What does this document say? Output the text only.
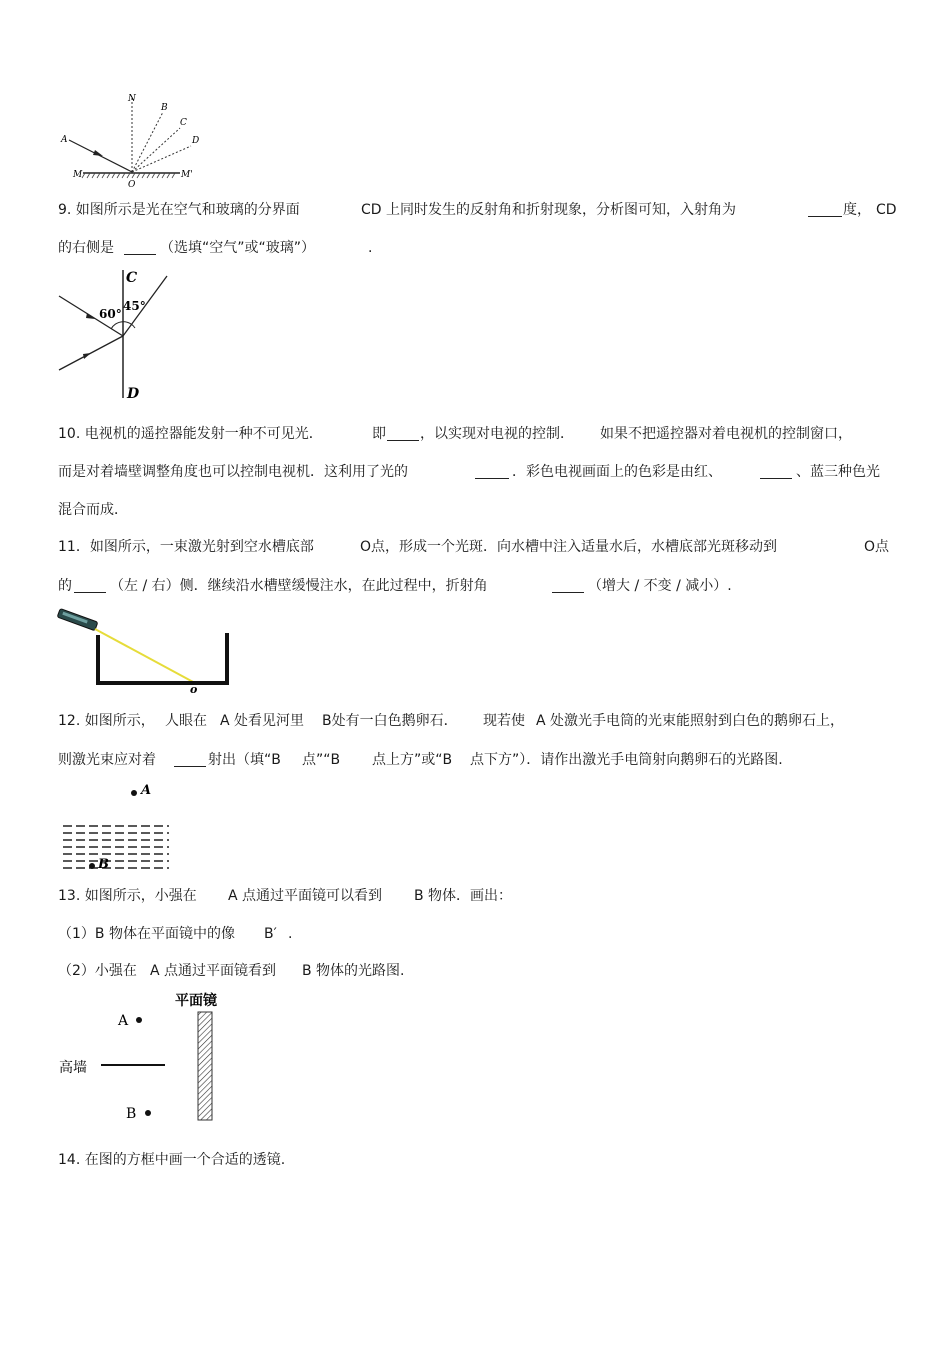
N
B
C
D
A
M
O
M'
9. 如图所示是光在空气和玻璃的分界面	CD 上同时发生的反射角和折射现象，分析图可知，入射角为	度， CD
的右侧是	（选填“空气”或“玻璃”）	.
C
45°
60°
D
10. 电视机的遥控器能发射一种不可见光．	即 ，以实现对电视的控制． 如果不把遥控器对着电视机的控制窗口，
而是对着墙壁调整角度也可以控制电视机．这利用了光的	．彩色电视画面上的色彩是由红、	、蓝三种色光
混合而成．
11．如图所示，一束激光射到空水槽底部	O点，形成一个光斑．向水槽中注入适量水后，水槽底部光斑移动到	O点
的	（左 / 右）侧．继续沿水槽壁缓慢注水，在此过程中，折射角	（增大 / 不变 / 减小）.
o
12. 如图所示， 人眼在 A 处看见河里 B处有一白色鹅卵石． 现若使 A 处激光手电筒的光束能照射到白色的鹅卵石上，
则激光束应对着	射出（填“B 点”“B 点上方”或“B 点下方”）．请作出激光手电筒射向鹅卵石的光路图.
A
B
13. 如图所示，小强在 A 点通过平面镜可以看到 B 物体．画出：
（1）B 物体在平面镜中的像 B′ .
（2）小强在 A 点通过平面镜看到 B 物体的光路图.
平面镜
A
高墙
B
14. 在图的方框中画一个合适的透镜.
